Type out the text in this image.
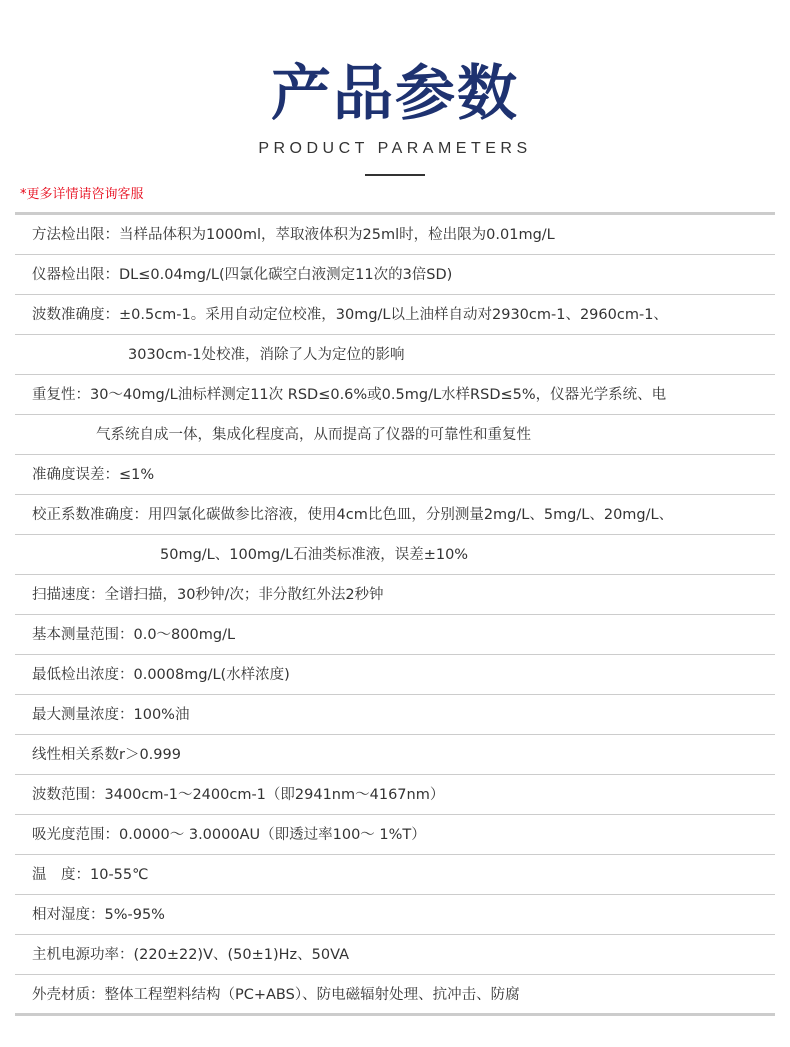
产品参数
PRODUCT PARAMETERS
*更多详情请咨询客服
方法检出限：当样品体积为1000ml，萃取液体积为25ml时，检出限为0.01mg/L
仪器检出限：DL≤0.04mg/L(四氯化碳空白液测定11次的3倍SD)
波数准确度：±0.5cm-1。采用自动定位校准，30mg/L以上油样自动对2930cm-1、2960cm-1、
3030cm-1处校准，消除了人为定位的影响
重复性：30～40mg/L油标样测定11次 RSD≤0.6%或0.5mg/L水样RSD≤5%，仪器光学系统、电
气系统自成一体，集成化程度高，从而提高了仪器的可靠性和重复性
准确度误差：≤1%
校正系数准确度：用四氯化碳做参比溶液，使用4cm比色皿，分别测量2mg/L、5mg/L、20mg/L、
50mg/L、100mg/L石油类标准液，误差±10%
扫描速度：全谱扫描，30秒钟/次；非分散红外法2秒钟
基本测量范围：0.0～800mg/L
最低检出浓度：0.0008mg/L(水样浓度)
最大测量浓度：100%油
线性相关系数r＞0.999
波数范围：3400cm-1～2400cm-1（即2941nm～4167nm）
吸光度范围：0.0000～ 3.0000AU（即透过率100～ 1%T）
温　度：10-55℃
相对湿度：5%-95%
主机电源功率：(220±22)V、(50±1)Hz、50VA
外壳材质：整体工程塑料结构（PC+ABS）、防电磁辐射处理、抗冲击、防腐
